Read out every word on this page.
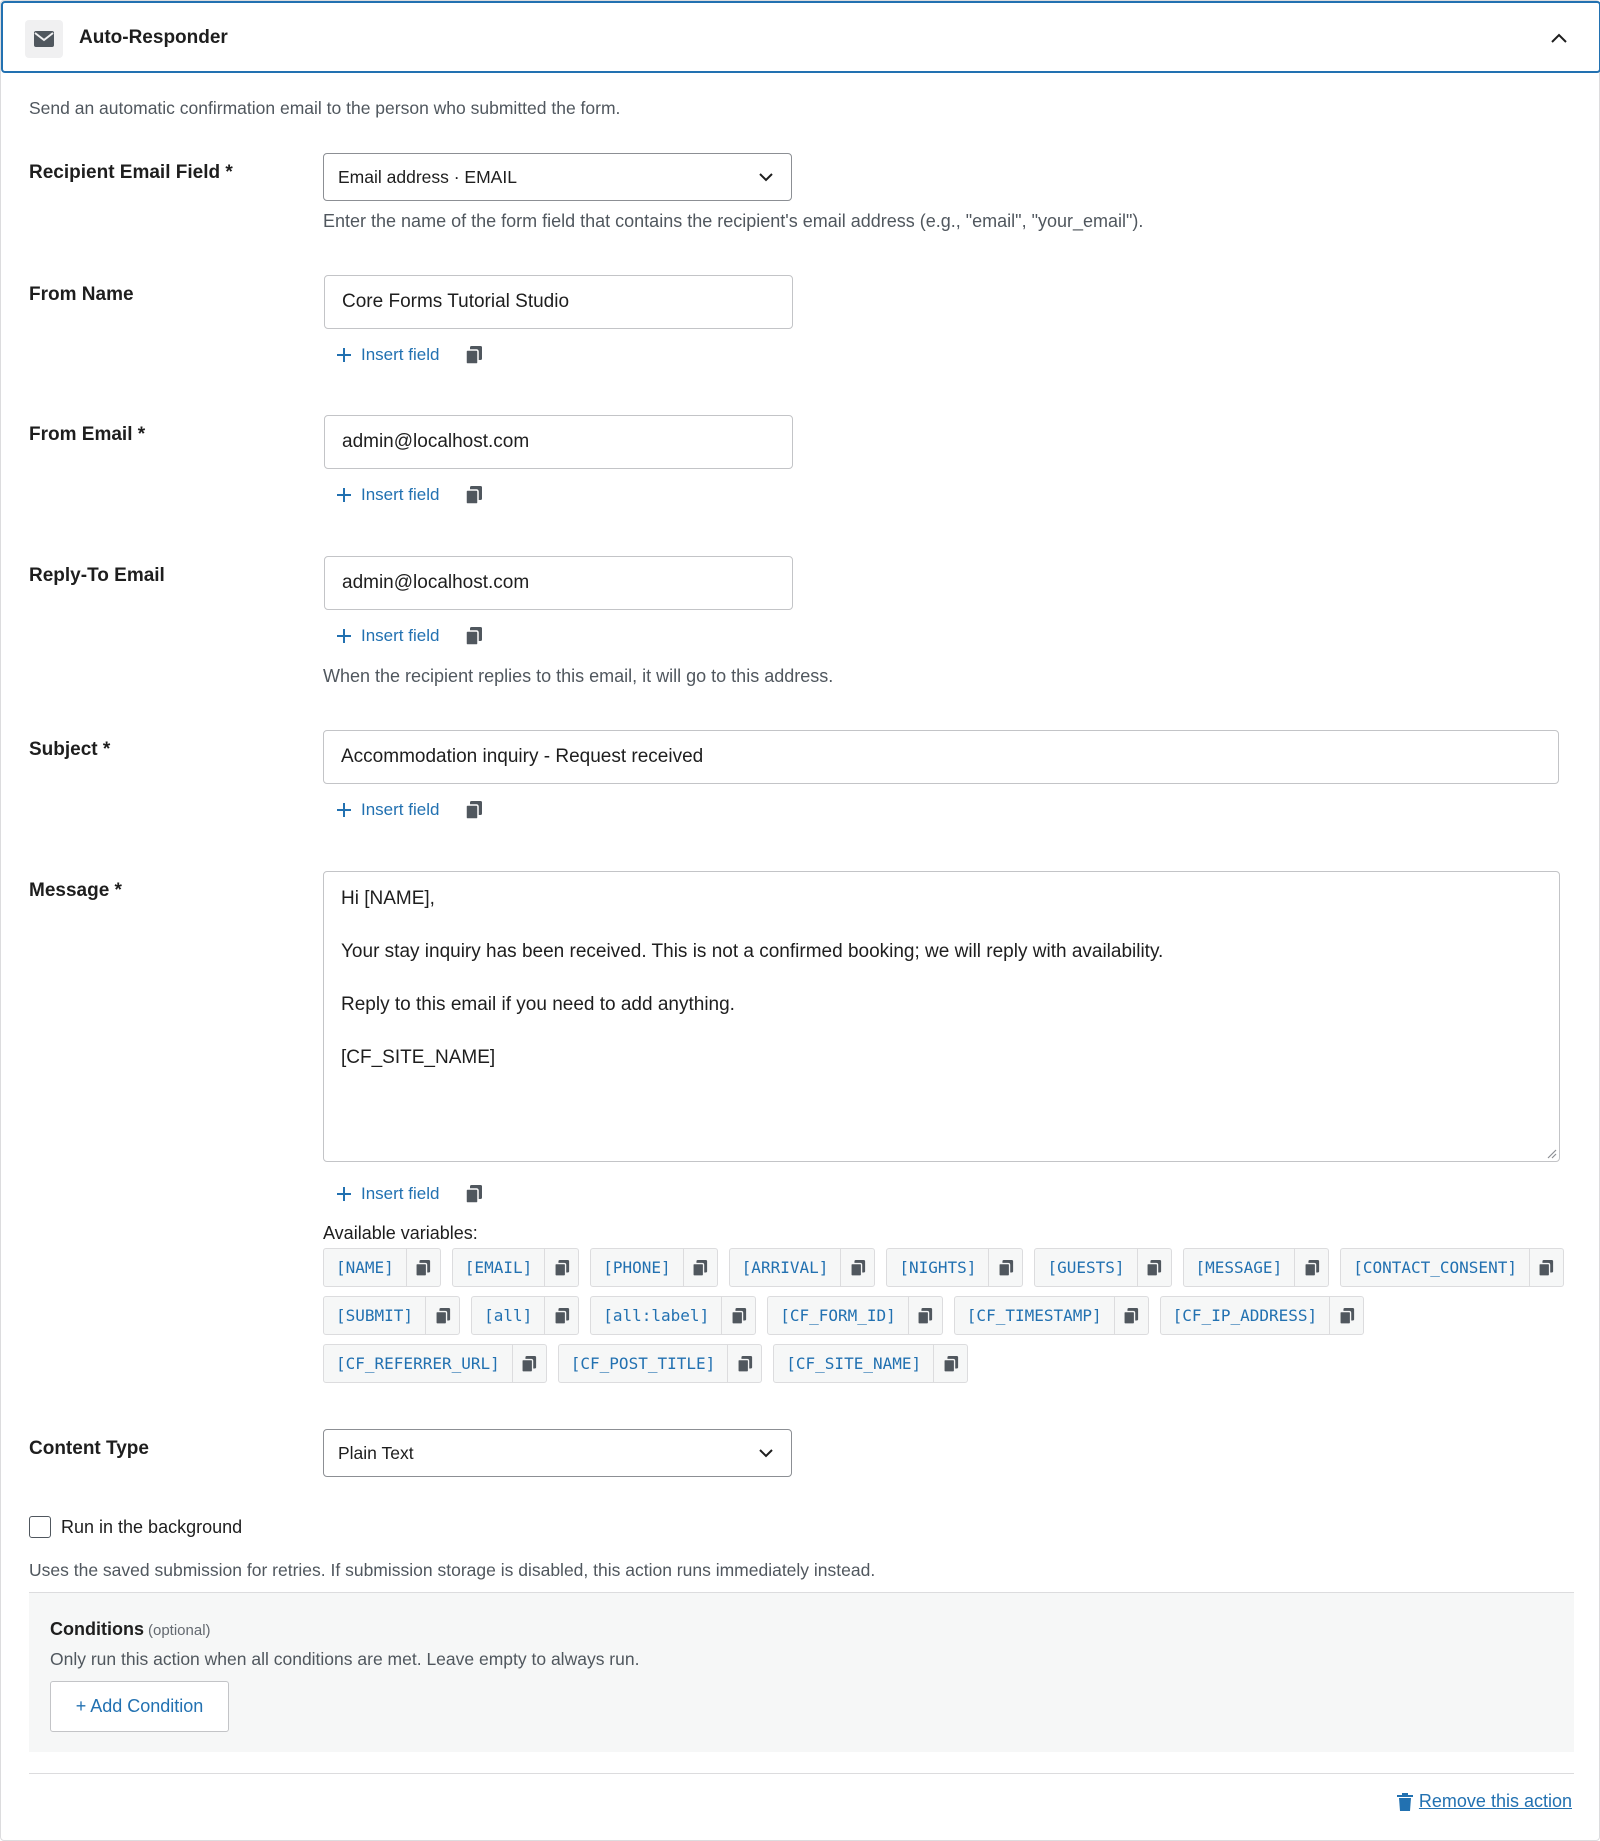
Auto-Responder
Send an automatic confirmation email to the person who submitted the form.
Recipient Email Field *	Email address · EMAIL
Enter the name of the form field that contains the recipient's email address (e.g., "email", "your_email").
From Name	Core Forms Tutorial Studio
Insert field
From Email *	admin@localhost.com
Insert field
Reply-To Email	admin@localhost.com
Insert field
When the recipient replies to this email, it will go to this address.
Subject *	Accommodation inquiry - Request received
Insert field
Message *	Hi [NAME],

Your stay inquiry has been received. This is not a confirmed booking; we will reply with availability.

Reply to this email if you need to add anything.

[CF_SITE_NAME]

Insert field
Available variables:
[NAME]	[EMAIL]	[PHONE]	[ARRIVAL]	[NIGHTS]	[GUESTS]	[MESSAGE]	[CONTACT_CONSENT]
[SUBMIT]	[all]	[all:label]	[CF_FORM_ID]	[CF_TIMESTAMP]	[CF_IP_ADDRESS]
[CF_REFERRER_URL]	[CF_POST_TITLE]	[CF_SITE_NAME]
Content Type	Plain Text
Run in the background
Uses the saved submission for retries. If submission storage is disabled, this action runs immediately instead.
Conditions (optional)
Only run this action when all conditions are met. Leave empty to always run.
+ Add Condition
Remove this action
